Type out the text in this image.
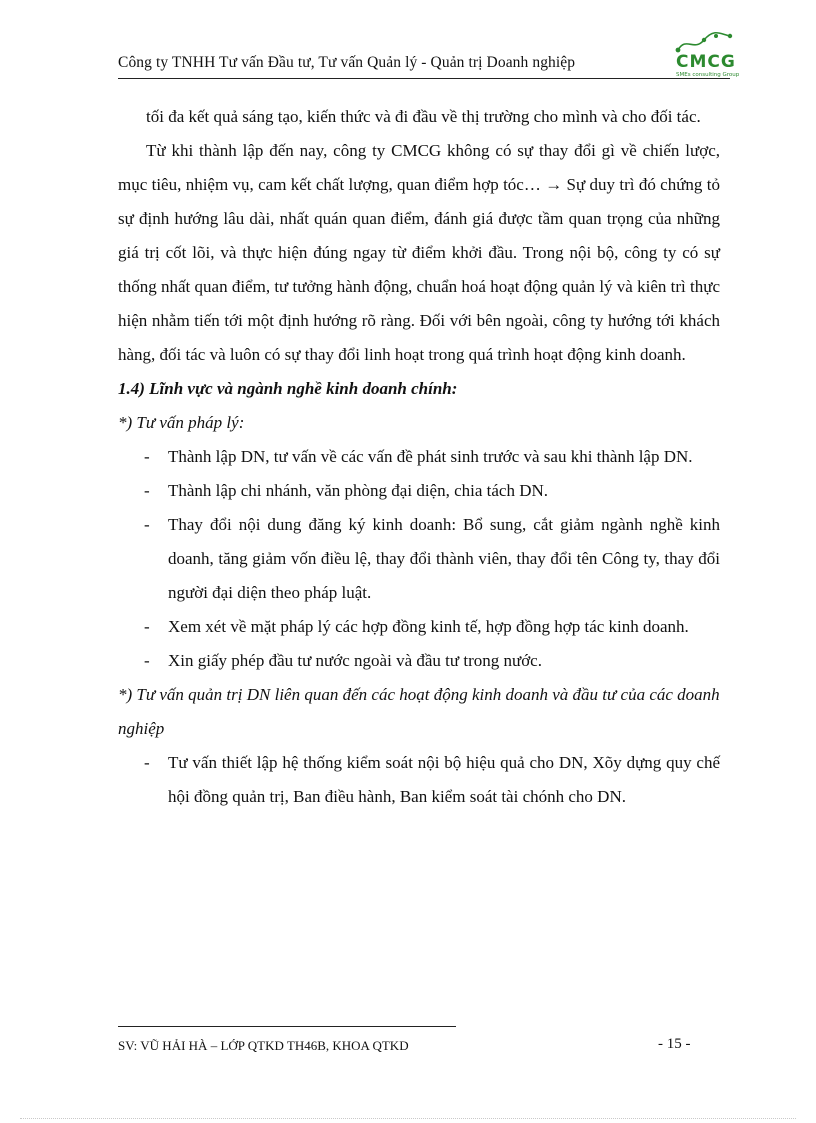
Công ty TNHH Tư vấn Đầu tư, Tư vấn Quản lý - Quản trị Doanh nghiệp	CMCG
SMEs consulting Group

tối đa kết quả sáng tạo, kiến thức và đi đầu về thị trường cho mình và cho đối tác.

Từ khi thành lập đến nay, công ty CMCG không có sự thay đổi gì về chiến lược, mục tiêu, nhiệm vụ, cam kết chất lượng, quan điểm hợp tóc… → Sự duy trì đó chứng tỏ sự định hướng lâu dài, nhất quán quan điểm, đánh giá được tầm quan trọng của những giá trị cốt lõi, và thực hiện đúng ngay từ điểm khởi đầu. Trong nội bộ, công ty có sự thống nhất quan điểm, tư tưởng hành động, chuẩn hoá hoạt động quản lý và kiên trì thực hiện nhằm tiến tới một định hướng rõ ràng. Đối với bên ngoài, công ty hướng tới khách hàng, đối tác và luôn có sự thay đổi linh hoạt trong quá trình hoạt động kinh doanh.

1.4) Lĩnh vực và ngành nghề kinh doanh chính:

*) Tư vấn pháp lý:

- Thành lập DN, tư vấn về các vấn đề phát sinh trước và sau khi thành lập DN.
- Thành lập chi nhánh, văn phòng đại diện, chia tách DN.
- Thay đổi nội dung đăng ký kinh doanh: Bổ sung, cắt giảm ngành nghề kinh doanh, tăng giảm vốn điều lệ, thay đổi thành viên, thay đổi tên Công ty, thay đổi người đại diện theo pháp luật.
- Xem xét về mặt pháp lý các hợp đồng kinh tế, hợp đồng hợp tác kinh doanh.
- Xin giấy phép đầu tư nước ngoài và đầu tư trong nước.

*) Tư vấn quản trị DN liên quan đến các hoạt động kinh doanh và đầu tư của các doanh nghiệp

- Tư vấn thiết lập hệ thống kiểm soát nội bộ hiệu quả cho DN, Xõy dựng quy chế hội đồng quản trị, Ban điều hành, Ban kiểm soát tài chónh cho DN.
SV: VŨ HẢI HÀ – LỚP QTKD TH46B, KHOA QTKD	- 15 -
